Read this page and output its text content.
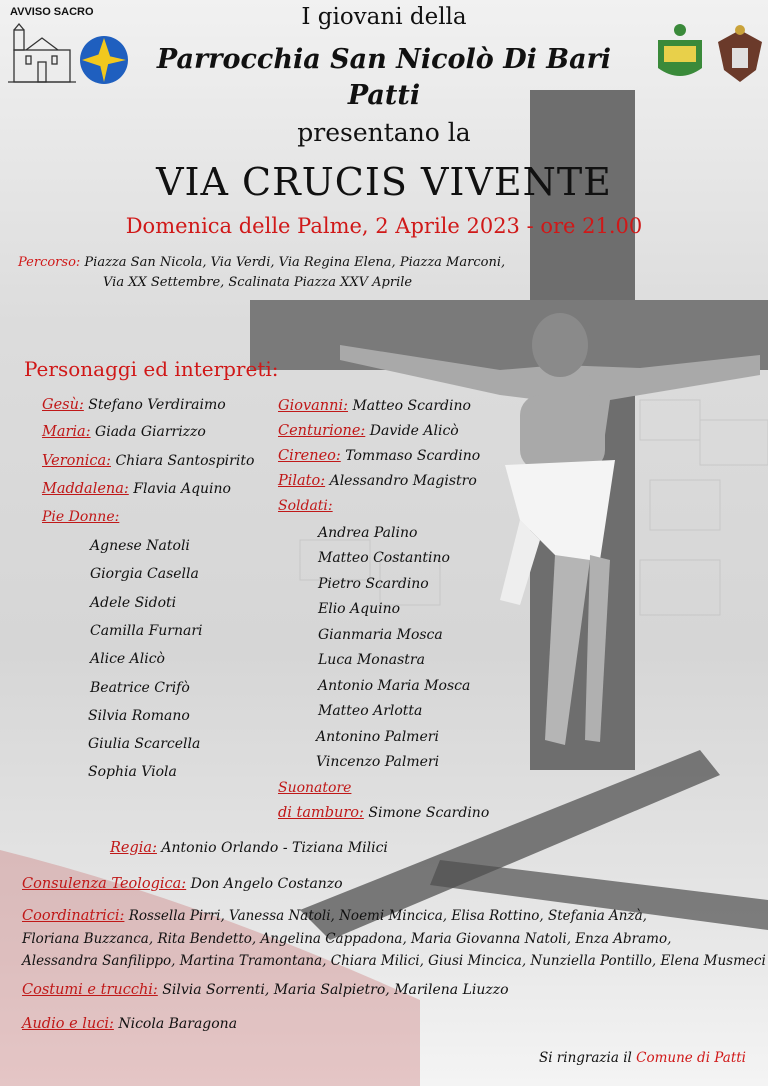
AVVISO SACRO	I giovani della
Parrocchia San Nicolò Di Bari
Patti
presentano la
VIA CRUCIS VIVENTE
Domenica delle Palme, 2 Aprile 2023 - ore 21.00
Percorso: Piazza San Nicola, Via Verdi, Via Regina Elena, Piazza Marconi,
Via XX Settembre, Scalinata Piazza XXV Aprile
Personaggi ed interpreti:
Gesù: Stefano Verdiraimo
Maria: Giada Giarrizzo
Veronica: Chiara Santospirito
Maddalena: Flavia Aquino
Pie Donne:
Agnese Natoli
Giorgia Casella
Adele Sidoti
Camilla Furnari
Alice Alicò
Beatrice Crifò
Silvia Romano
Giulia Scarcella
Sophia Viola
Giovanni: Matteo Scardino
Centurione: Davide Alicò
Cireneo: Tommaso Scardino
Pilato: Alessandro Magistro
Soldati:
Andrea Palino
Matteo Costantino
Pietro Scardino
Elio Aquino
Gianmaria Mosca
Luca Monastra
Antonio Maria Mosca
Matteo Arlotta
Antonino Palmeri
Vincenzo Palmeri
Suonatore
di tamburo: Simone Scardino
Regia: Antonio Orlando - Tiziana Milici
Consulenza Teologica: Don Angelo Costanzo
Coordinatrici: Rossella Pirri, Vanessa Natoli, Noemi Mincica, Elisa Rottino, Stefania Anzà,
Floriana Buzzanca, Rita Bendetto, Angelina Cappadona, Maria Giovanna Natoli, Enza Abramo,
Alessandra Sanfilippo, Martina Tramontana, Chiara Milici, Giusi Mincica, Nunziella Pontillo, Elena Musmeci
Costumi e trucchi: Silvia Sorrenti, Maria Salpietro, Marilena Liuzzo
Audio e luci: Nicola Baragona
Si ringrazia il Comune di Patti
